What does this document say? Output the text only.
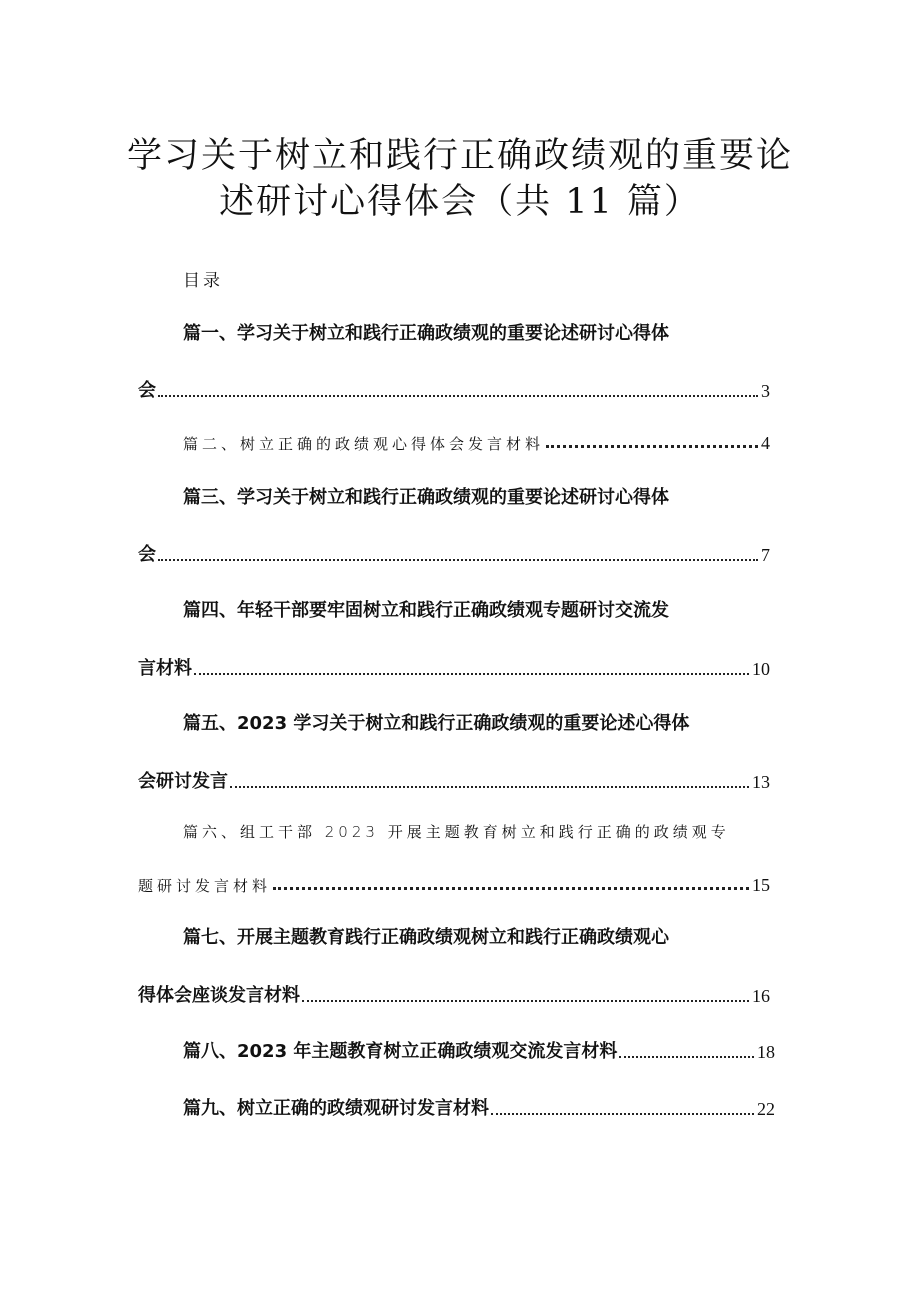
学习关于树立和践行正确政绩观的重要论
述研讨心得体会（共 11 篇）
目录
篇一、学习关于树立和践行正确政绩观的重要论述研讨心得体
会	3
篇二、树立正确的政绩观心得体会发言材料	4
篇三、学习关于树立和践行正确政绩观的重要论述研讨心得体
会	7
篇四、年轻干部要牢固树立和践行正确政绩观专题研讨交流发
言材料	10
篇五、2023 学习关于树立和践行正确政绩观的重要论述心得体
会研讨发言	13
篇六、组工干部 2023 开展主题教育树立和践行正确的政绩观专
题研讨发言材料	15
篇七、开展主题教育践行正确政绩观树立和践行正确政绩观心
得体会座谈发言材料	16
篇八、2023 年主题教育树立正确政绩观交流发言材料	18
篇九、树立正确的政绩观研讨发言材料	22
